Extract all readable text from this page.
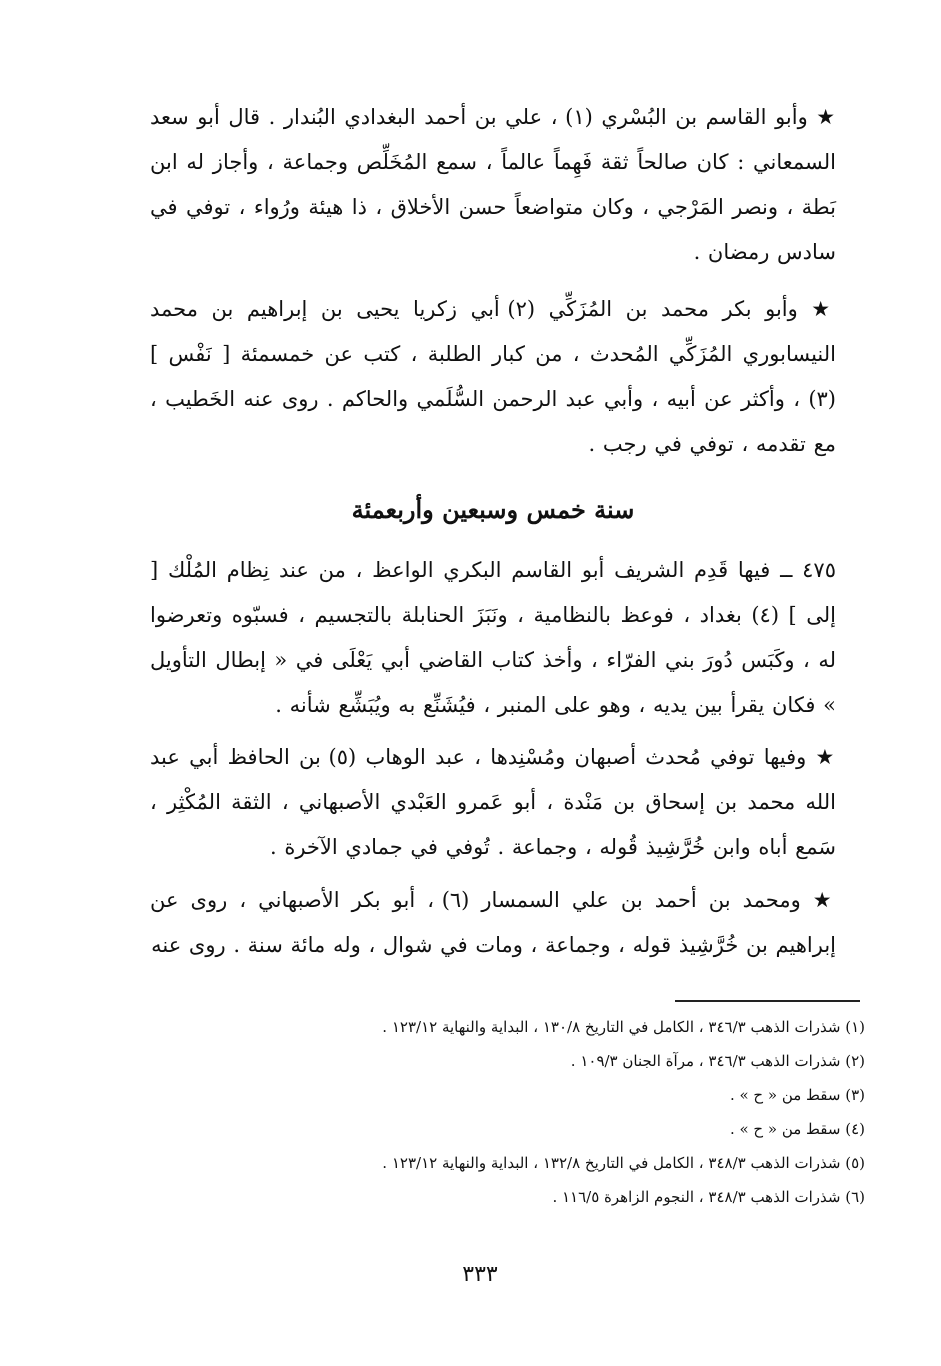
★ وأبو القاسم بن البُسْري (١) ، علي بن أحمد البغدادي البُندار . قال أبو سعد السمعاني : كان صالحاً ثقة فَهِماً عالماً ، سمع المُخَلِّص وجماعة ، وأجاز له ابن بَطة ، ونصر المَرْجي ، وكان متواضعاً حسن الأخلاق ، ذا هيئة ورُواء ، توفي في سادس رمضان .
★ وأبو بكر محمد بن المُزَكِّي (٢) أبي زكريا يحيى بن إبراهيم بن محمد النيسابوري المُزَكِّي المُحدث ، من كبار الطلبة ، كتب عن خمسمئة [ نَفْس ] (٣) ، وأكثر عن أبيه ، وأبي عبد الرحمن السُّلَمي والحاكم . روى عنه الخَطيب ، مع تقدمه ، توفي في رجب .
سنة خمس وسبعين وأربعمئة
٤٧٥ ــ فيها قَدِم الشريف أبو القاسم البكري الواعظ ، من عند نِظام المُلْك [ إلى ] (٤) بغداد ، فوعظ بالنظامية ، ونَبَزَ الحنابلة بالتجسيم ، فسبّوه وتعرضوا له ، وكَبَس دُورَ بني الفرّاء ، وأخذ كتاب القاضي أبي يَعْلَى في « إبطال التأويل » فكان يقرأ بين يديه ، وهو على المنبر ، فيُشَنِّع به ويُبَشِّع شأنه .
★ وفيها توفي مُحدث أصبهان ومُسْنِدها ، عبد الوهاب (٥) بن الحافظ أبي عبد الله محمد بن إسحاق بن مَنْدة ، أبو عَمرو العَبْدي الأصبهاني ، الثقة المُكْثِر ، سَمع أباه وابن خُرَّشِيذ قُوله ، وجماعة . تُوفي في جمادي الآخرة .
★ ومحمد بن أحمد بن علي السمسار (٦) ، أبو بكر الأصبهاني ، روى عن إبراهيم بن خُرَّشِيذ قوله ، وجماعة ، ومات في شوال ، وله مائة سنة . روى عنه
(١) شذرات الذهب ٣٤٦/٣ ، الكامل في التاريخ ١٣٠/٨ ، البداية والنهاية ١٢٣/١٢ .
(٢) شذرات الذهب ٣٤٦/٣ ، مرآة الجنان ١٠٩/٣ .
(٣) سقط من « ح » .
(٤) سقط من « ح » .
(٥) شذرات الذهب ٣٤٨/٣ ، الكامل في التاريخ ١٣٢/٨ ، البداية والنهاية ١٢٣/١٢ .
(٦) شذرات الذهب ٣٤٨/٣ ، النجوم الزاهرة ١١٦/٥ .
٣٣٣
